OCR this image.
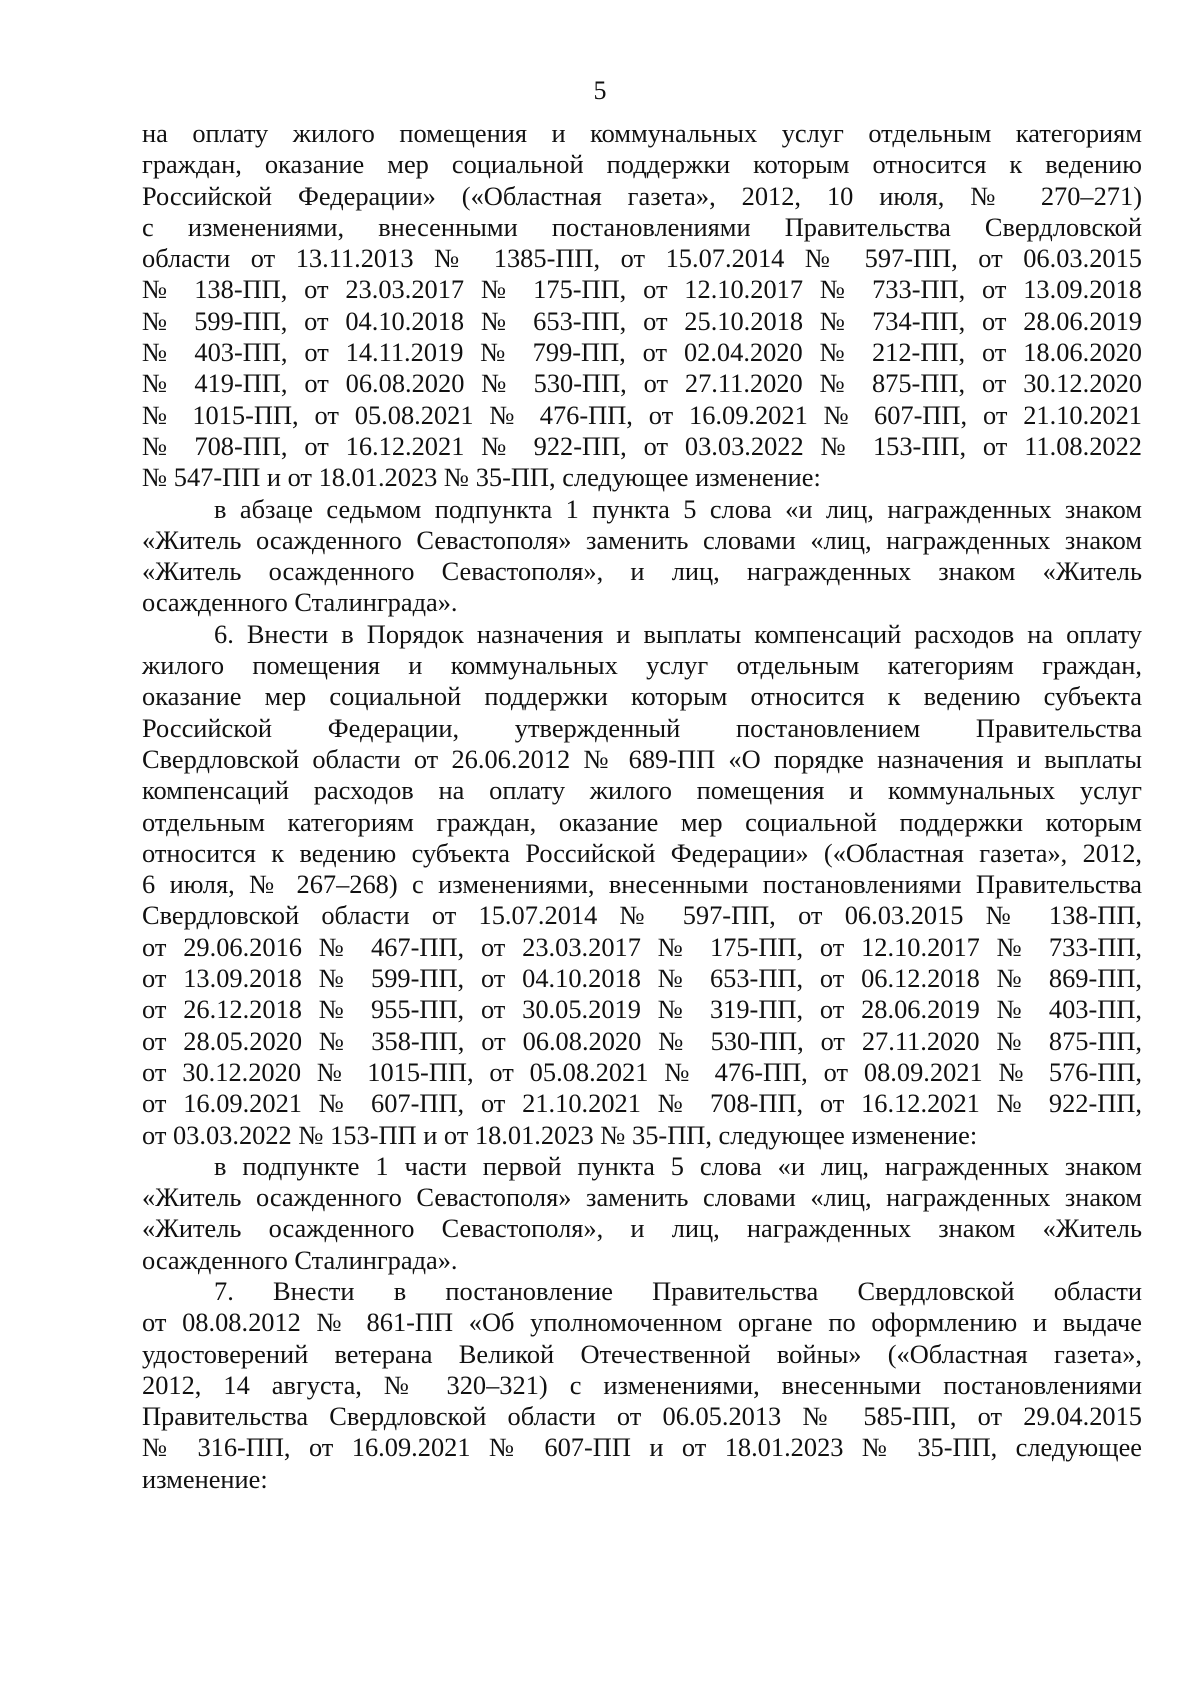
5
на оплату жилого помещения и коммунальных услуг отдельным категориям
граждан, оказание мер социальной поддержки которым относится к ведению
Российской Федерации» («Областная газета», 2012, 10 июля, № 270–271)
с изменениями, внесенными постановлениями Правительства Свердловской
области от 13.11.2013 № 1385-ПП, от 15.07.2014 № 597-ПП, от 06.03.2015
№ 138-ПП, от 23.03.2017 № 175-ПП, от 12.10.2017 № 733-ПП, от 13.09.2018
№ 599-ПП, от 04.10.2018 № 653-ПП, от 25.10.2018 № 734-ПП, от 28.06.2019
№ 403-ПП, от 14.11.2019 № 799-ПП, от 02.04.2020 № 212-ПП, от 18.06.2020
№ 419-ПП, от 06.08.2020 № 530-ПП, от 27.11.2020 № 875-ПП, от 30.12.2020
№ 1015-ПП, от 05.08.2021 № 476-ПП, от 16.09.2021 № 607-ПП, от 21.10.2021
№ 708-ПП, от 16.12.2021 № 922-ПП, от 03.03.2022 № 153-ПП, от 11.08.2022
№ 547-ПП и от 18.01.2023 № 35-ПП, следующее изменение:
в абзаце седьмом подпункта 1 пункта 5 слова «и лиц, награжденных знаком
«Житель осажденного Севастополя» заменить словами «лиц, награжденных знаком
«Житель осажденного Севастополя», и лиц, награжденных знаком «Житель
осажденного Сталинграда».
6. Внести в Порядок назначения и выплаты компенсаций расходов на оплату
жилого помещения и коммунальных услуг отдельным категориям граждан,
оказание мер социальной поддержки которым относится к ведению субъекта
Российской Федерации, утвержденный постановлением Правительства
Свердловской области от 26.06.2012 № 689-ПП «О порядке назначения и выплаты
компенсаций расходов на оплату жилого помещения и коммунальных услуг
отдельным категориям граждан, оказание мер социальной поддержки которым
относится к ведению субъекта Российской Федерации» («Областная газета», 2012,
6 июля, № 267–268) с изменениями, внесенными постановлениями Правительства
Свердловской области от 15.07.2014 № 597-ПП, от 06.03.2015 № 138-ПП,
от 29.06.2016 № 467-ПП, от 23.03.2017 № 175-ПП, от 12.10.2017 № 733-ПП,
от 13.09.2018 № 599-ПП, от 04.10.2018 № 653-ПП, от 06.12.2018 № 869-ПП,
от 26.12.2018 № 955-ПП, от 30.05.2019 № 319-ПП, от 28.06.2019 № 403-ПП,
от 28.05.2020 № 358-ПП, от 06.08.2020 № 530-ПП, от 27.11.2020 № 875-ПП,
от 30.12.2020 № 1015-ПП, от 05.08.2021 № 476-ПП, от 08.09.2021 № 576-ПП,
от 16.09.2021 № 607-ПП, от 21.10.2021 № 708-ПП, от 16.12.2021 № 922-ПП,
от 03.03.2022 № 153-ПП и от 18.01.2023 № 35-ПП, следующее изменение:
в подпункте 1 части первой пункта 5 слова «и лиц, награжденных знаком
«Житель осажденного Севастополя» заменить словами «лиц, награжденных знаком
«Житель осажденного Севастополя», и лиц, награжденных знаком «Житель
осажденного Сталинграда».
7. Внести в постановление Правительства Свердловской области
от 08.08.2012 № 861-ПП «Об уполномоченном органе по оформлению и выдаче
удостоверений ветерана Великой Отечественной войны» («Областная газета»,
2012, 14 августа, № 320–321) с изменениями, внесенными постановлениями
Правительства Свердловской области от 06.05.2013 № 585-ПП, от 29.04.2015
№ 316-ПП, от 16.09.2021 № 607-ПП и от 18.01.2023 № 35-ПП, следующее
изменение:
